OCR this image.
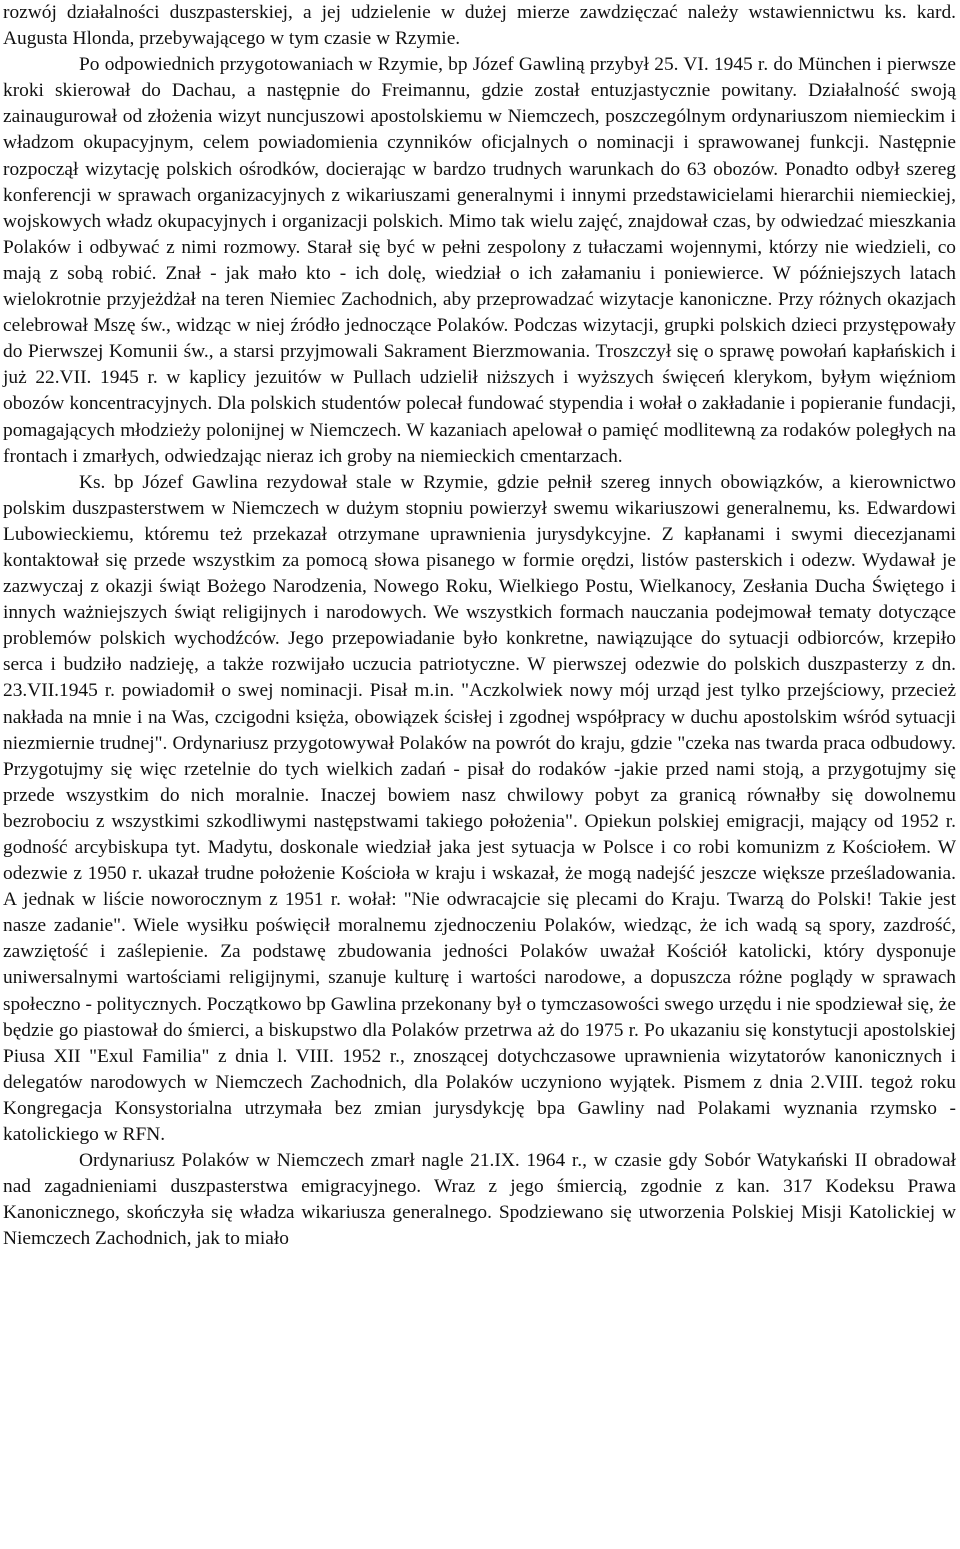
rozwój działalności duszpasterskiej, a jej udzielenie w dużej mierze zawdzięczać należy wstawiennictwu ks. kard. Augusta Hlonda, przebywającego w tym czasie w Rzymie.

Po odpowiednich przygotowaniach w Rzymie, bp Józef Gawliną przybył 25. VI. 1945 r. do München i pierwsze kroki skierował do Dachau, a następnie do Freimannu, gdzie został entuzjastycznie powitany. Działalność swoją zainaugurował od złożenia wizyt nuncjuszowi apostolskiemu w Niemczech, poszczególnym ordynariuszom niemieckim i władzom okupacyjnym, celem powiadomienia czynników oficjalnych o nominacji i sprawowanej funkcji. Następnie rozpoczął wizytację polskich ośrodków, docierając w bardzo trudnych warunkach do 63 obozów. Ponadto odbył szereg konferencji w sprawach organizacyjnych z wikariuszami generalnymi i innymi przedstawicielami hierarchii niemieckiej, wojskowych władz okupacyjnych i organizacji polskich. Mimo tak wielu zajęć, znajdował czas, by odwiedzać mieszkania Polaków i odbywać z nimi rozmowy. Starał się być w pełni zespolony z tułaczami wojennymi, którzy nie wiedzieli, co mają z sobą robić. Znał - jak mało kto - ich dolę, wiedział o ich załamaniu i poniewierce. W późniejszych latach wielokrotnie przyjeżdżał na teren Niemiec Zachodnich, aby przeprowadzać wizytacje kanoniczne. Przy różnych okazjach celebrował Mszę św., widząc w niej źródło jednoczące Polaków. Podczas wizytacji, grupki polskich dzieci przystępowały do Pierwszej Komunii św., a starsi przyjmowali Sakrament Bierzmowania. Troszczył się o sprawę powołań kapłańskich i już 22.VII. 1945 r. w kaplicy jezuitów w Pullach udzielił niższych i wyższych święceń klerykom, byłym więźniom obozów koncentracyjnych. Dla polskich studentów polecał fundować stypendia i wołał o zakładanie i popieranie fundacji, pomagających młodzieży polonijnej w Niemczech. W kazaniach apelował o pamięć modlitewną za rodaków poległych na frontach i zmarłych, odwiedzając nieraz ich groby na niemieckich cmentarzach.

Ks. bp Józef Gawlina rezydował stale w Rzymie, gdzie pełnił szereg innych obowiązków, a kierownictwo polskim duszpasterstwem w Niemczech w dużym stopniu powierzył swemu wikariuszowi generalnemu, ks. Edwardowi Lubowieckiemu, któremu też przekazał otrzymane uprawnienia jurysdykcyjne. Z kapłanami i swymi diecezjanami kontaktował się przede wszystkim za pomocą słowa pisanego w formie orędzi, listów pasterskich i odezw. Wydawał je zazwyczaj z okazji świąt Bożego Narodzenia, Nowego Roku, Wielkiego Postu, Wielkanocy, Zesłania Ducha Świętego i innych ważniejszych świąt religijnych i narodowych. We wszystkich formach nauczania podejmował tematy dotyczące problemów polskich wychodźców. Jego przepowiadanie było konkretne, nawiązujące do sytuacji odbiorców, krzepiło serca i budziło nadzieję, a także rozwijało uczucia patriotyczne. W pierwszej odezwie do polskich duszpasterzy z dn. 23.VII.1945 r. powiadomił o swej nominacji. Pisał m.in. "Aczkolwiek nowy mój urząd jest tylko przejściowy, przecież nakłada na mnie i na Was, czcigodni księża, obowiązek ścisłej i zgodnej współpracy w duchu apostolskim wśród sytuacji niezmiernie trudnej". Ordynariusz przygotowywał Polaków na powrót do kraju, gdzie "czeka nas twarda praca odbudowy. Przygotujmy się więc rzetelnie do tych wielkich zadań - pisał do rodaków -jakie przed nami stoją, a przygotujmy się przede wszystkim do nich moralnie. Inaczej bowiem nasz chwilowy pobyt za granicą równałby się dowolnemu bezrobociu z wszystkimi szkodliwymi następstwami takiego położenia". Opiekun polskiej emigracji, mający od 1952 r. godność arcybiskupa tyt. Madytu, doskonale wiedział jaka jest sytuacja w Polsce i co robi komunizm z Kościołem. W odezwie z 1950 r. ukazał trudne położenie Kościoła w kraju i wskazał, że mogą nadejść jeszcze większe prześladowania. A jednak w liście noworocznym z 1951 r. wołał: "Nie odwracajcie się plecami do Kraju. Twarzą do Polski! Takie jest nasze zadanie". Wiele wysiłku poświęcił moralnemu zjednoczeniu Polaków, wiedząc, że ich wadą są spory, zazdrość, zawziętość i zaślepienie. Za podstawę zbudowania jedności Polaków uważał Kościół katolicki, który dysponuje uniwersalnymi wartościami religijnymi, szanuje kulturę i wartości narodowe, a dopuszcza różne poglądy w sprawach społeczno - politycznych. Początkowo bp Gawlina przekonany był o tymczasowości swego urzędu i nie spodziewał się, że będzie go piastował do śmierci, a biskupstwo dla Polaków przetrwa aż do 1975 r. Po ukazaniu się konstytucji apostolskiej Piusa XII "Exul Familia" z dnia l. VIII. 1952 r., znoszącej dotychczasowe uprawnienia wizytatorów kanonicznych i delegatów narodowych w Niemczech Zachodnich, dla Polaków uczyniono wyjątek. Pismem z dnia 2.VIII. tegoż roku Kongregacja Konsystorialna utrzymała bez zmian jurysdykcję bpa Gawliny nad Polakami wyznania rzymsko - katolickiego w RFN.

Ordynariusz Polaków w Niemczech zmarł nagle 21.IX. 1964 r., w czasie gdy Sobór Watykański II obradował nad zagadnieniami duszpasterstwa emigracyjnego. Wraz z jego śmiercią, zgodnie z kan. 317 Kodeksu Prawa Kanonicznego, skończyła się władza wikariusza generalnego. Spodziewano się utworzenia Polskiej Misji Katolickiej w Niemczech Zachodnich, jak to miało
